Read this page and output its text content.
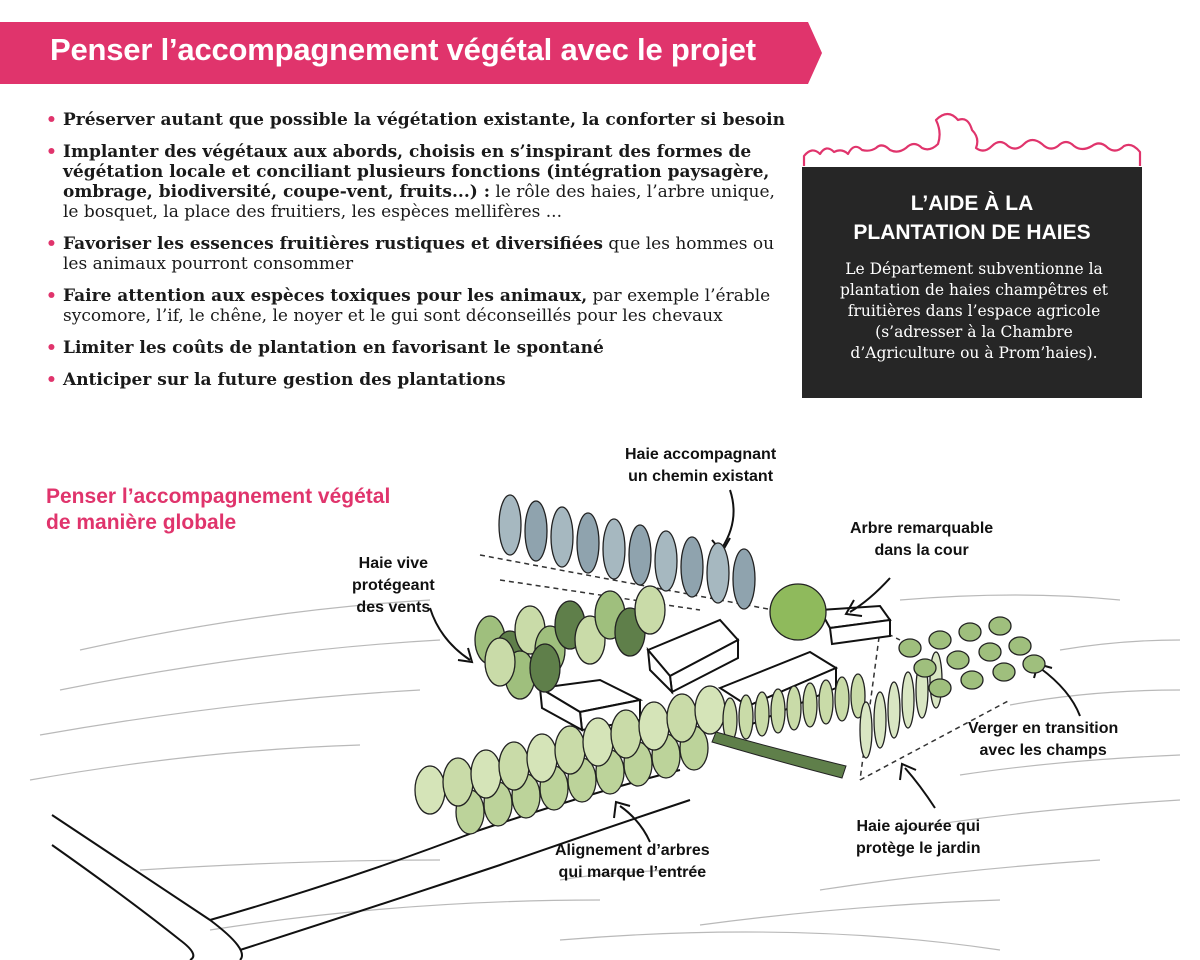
Penser l’accompagnement végétal avec le projet
• Préserver autant que possible la végétation existante, la conforter si besoin
• Implanter des végétaux aux abords, choisis en s’inspirant des formes de végétation locale et conciliant plusieurs fonctions (intégration paysagère, ombrage, biodiversité, coupe-vent, fruits...) : le rôle des haies, l’arbre unique, le bosquet, la place des fruitiers, les espèces mellifères ...
• Favoriser les essences fruitières rustiques et diversifiées que les hommes ou les animaux pourront consommer
• Faire attention aux espèces toxiques pour les animaux, par exemple l’érable sycomore, l’if, le chêne, le noyer et le gui sont déconseillés pour les chevaux
• Limiter les coûts de plantation en favorisant le spontané
• Anticiper sur la future gestion des plantations
L’AIDE À LA
PLANTATION DE HAIES
Le Département subventionne la plantation de haies champêtres et fruitières dans l’espace agricole (s’adresser à la Chambre d’Agriculture ou à Prom’haies).
Penser l’accompagnement végétal
de manière globale
Haie accompagnant
un chemin existant
Arbre remarquable
dans la cour
Haie vive
protégeant
des vents
Verger en transition
avec les champs
Haie ajourée qui
protège le jardin
Alignement d’arbres
qui marque l’entrée
